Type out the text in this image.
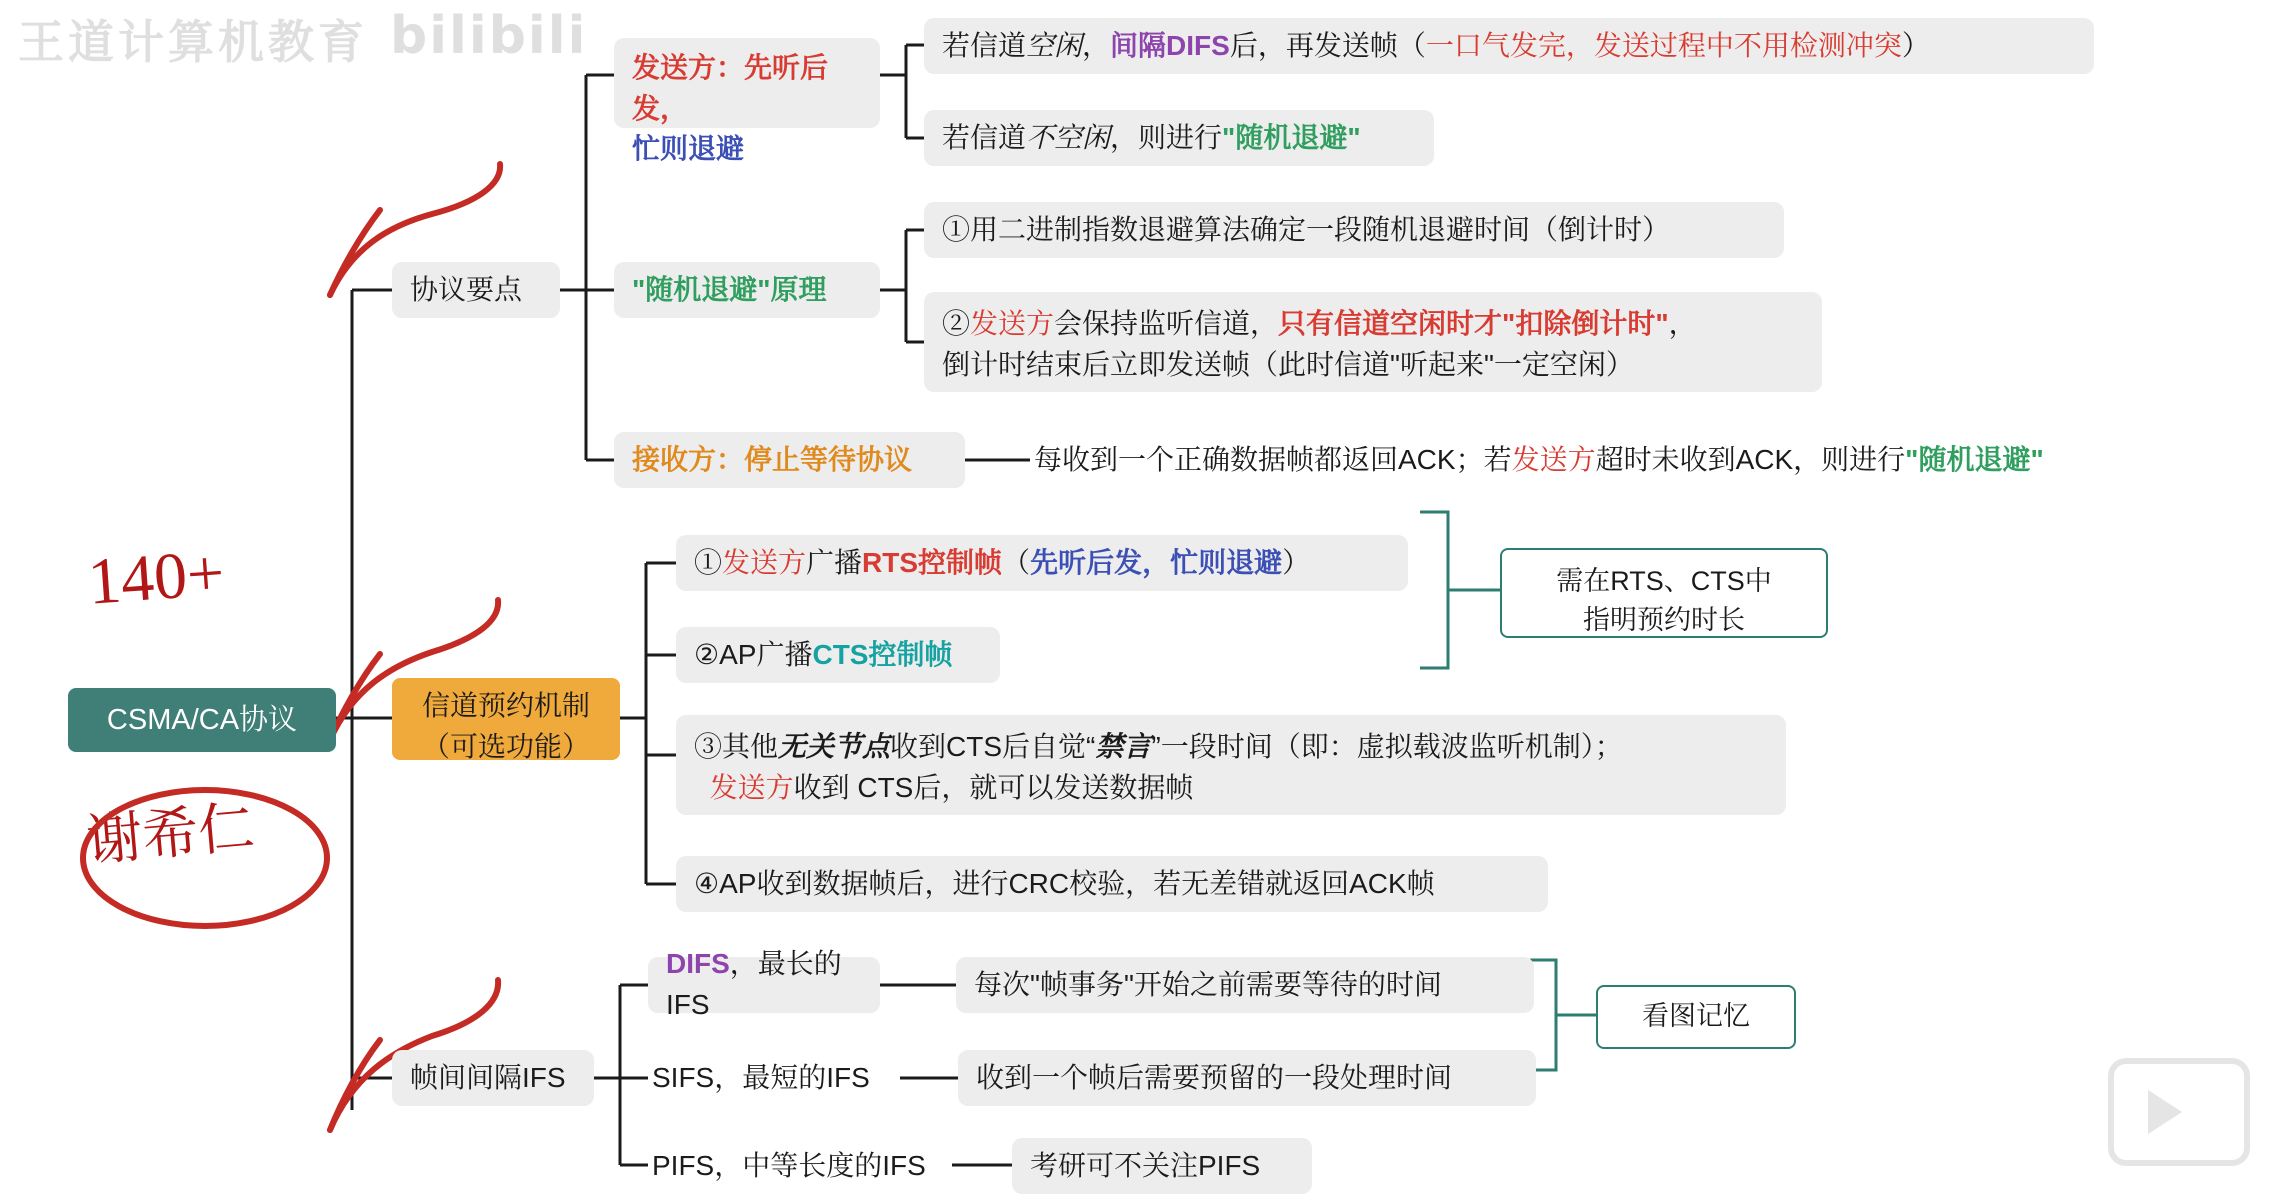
王道计算机教育 bilibili
140+
谢希仁
CSMA/CA协议
协议要点
信道预约机制
（可选功能）
帧间间隔IFS
发送方：先听后发，
忙则退避
"随机退避"原理
接收方：停止等待协议
若信道空闲，间隔DIFS后，再发送帧（一口气发完，发送过程中不用检测冲突）
若信道不空闲，则进行"随机退避"
①用二进制指数退避算法确定一段随机退避时间（倒计时）
②发送方会保持监听信道，只有信道空闲时才"扣除倒计时"，
倒计时结束后立即发送帧（此时信道"听起来"一定空闲）
每收到一个正确数据帧都返回ACK；若发送方超时未收到ACK，则进行"随机退避"
①发送方广播RTS控制帧（先听后发，忙则退避）
②AP广播CTS控制帧
③其他无关节点收到CTS后自觉“禁言”一段时间（即：虚拟载波监听机制）；
发送方收到 CTS后，就可以发送数据帧
④AP收到数据帧后，进行CRC校验，若无差错就返回ACK帧
需在RTS、CTS中
指明预约时长
DIFS，最长的IFS
SIFS，最短的IFS
PIFS，中等长度的IFS
每次"帧事务"开始之前需要等待的时间
收到一个帧后需要预留的一段处理时间
考研可不关注PIFS
看图记忆
